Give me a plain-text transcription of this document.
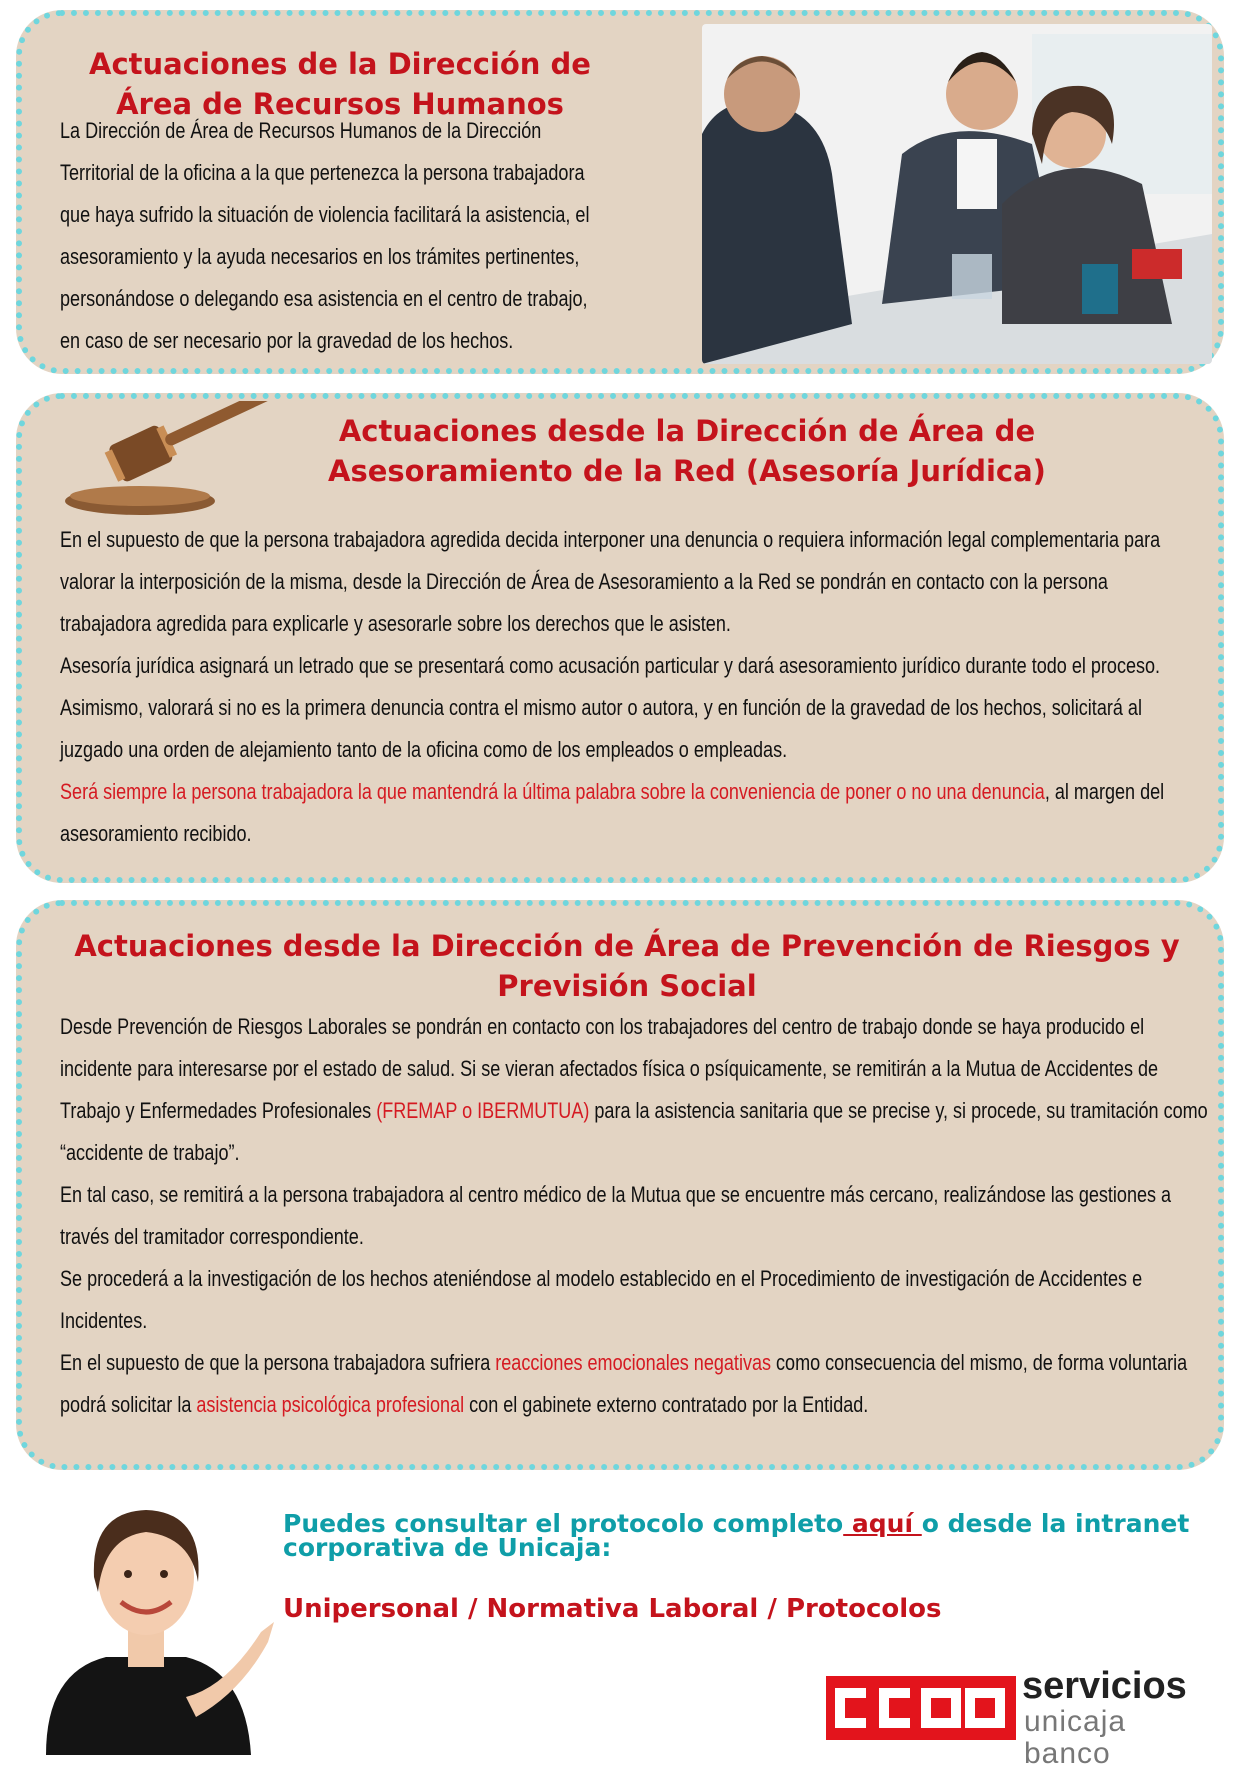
Actuaciones de la Dirección de Área de Recursos Humanos

La Dirección de Área de Recursos Humanos de la Dirección Territorial de la oficina a la que pertenezca la persona trabajadora que haya sufrido la situación de violencia facilitará la asistencia, el asesoramiento y la ayuda necesarios en los trámites pertinentes, personándose o delegando esa asistencia en el centro de trabajo, en caso de ser necesario por la gravedad de los hechos.

Actuaciones desde la Dirección de Área de Asesoramiento de la Red (Asesoría Jurídica)

En el supuesto de que la persona trabajadora agredida decida interponer una denuncia o requiera información legal complementaria para valorar la interposición de la misma, desde la Dirección de Área de Asesoramiento a la Red se pondrán en contacto con la persona trabajadora agredida para explicarle y asesorarle sobre los derechos que le asisten.

Asesoría jurídica asignará un letrado que se presentará como acusación particular y dará asesoramiento jurídico durante todo el proceso. Asimismo, valorará si no es la primera denuncia contra el mismo autor o autora, y en función de la gravedad de los hechos, solicitará al juzgado una orden de alejamiento tanto de la oficina como de los empleados o empleadas.

Será siempre la persona trabajadora la que mantendrá la última palabra sobre la conveniencia de poner o no una denuncia, al margen del asesoramiento recibido.

Actuaciones desde la Dirección de Área de Prevención de Riesgos y Previsión Social

Desde Prevención de Riesgos Laborales se pondrán en contacto con los trabajadores del centro de trabajo donde se haya producido el incidente para interesarse por el estado de salud. Si se vieran afectados física o psíquicamente, se remitirán a la Mutua de Accidentes de Trabajo y Enfermedades Profesionales (FREMAP o IBERMUTUA) para la asistencia sanitaria que se precise y, si procede, su tramitación como “accidente de trabajo”.

En tal caso, se remitirá a la persona trabajadora al centro médico de la Mutua que se encuentre más cercano, realizándose las gestiones a través del tramitador correspondiente.

Se procederá a la investigación de los hechos ateniéndose al modelo establecido en el Procedimiento de investigación de Accidentes e Incidentes.

En el supuesto de que la persona trabajadora sufriera reacciones emocionales negativas como consecuencia del mismo, de forma voluntaria podrá solicitar la asistencia psicológica profesional con el gabinete externo contratado por la Entidad.

Puedes consultar el protocolo completo aquí o desde la intranet corporativa de Unicaja:

Unipersonal / Normativa Laboral / Protocolos

servicios
unicaja banco
